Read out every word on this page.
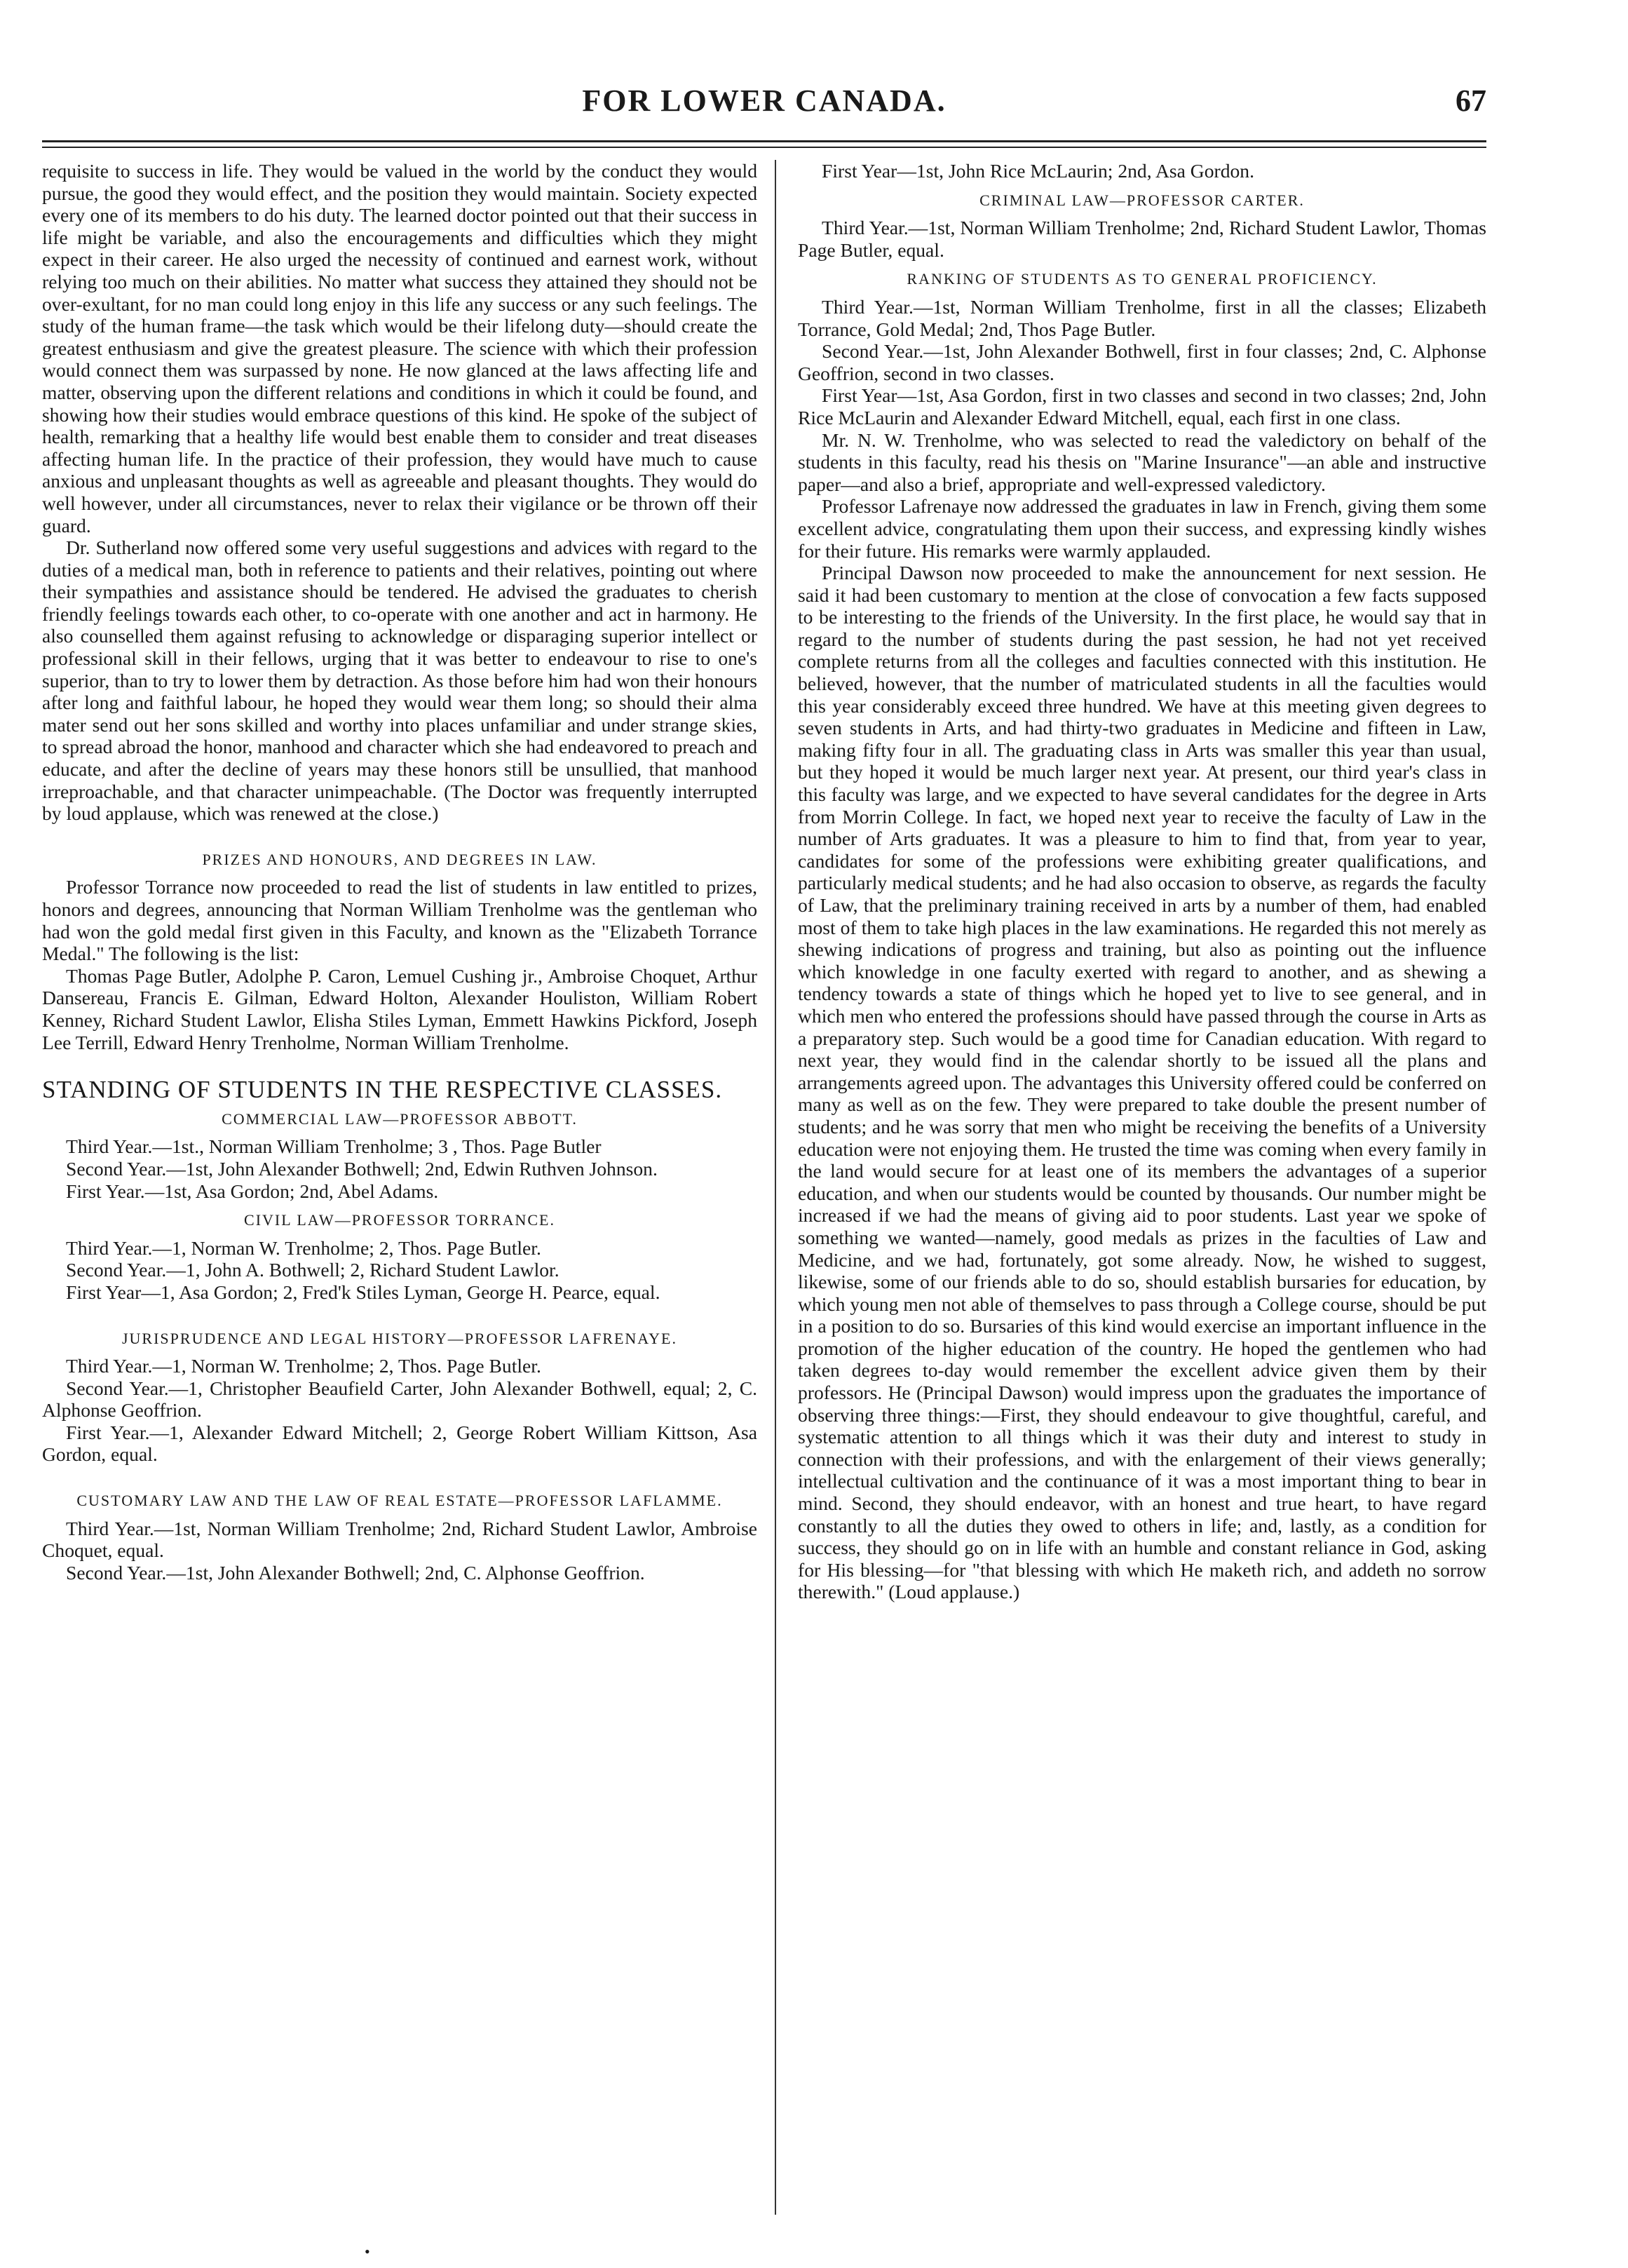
FOR LOWER CANADA.	67

requisite to success in life. They would be valued in the world by the conduct they would pursue, the good they would effect, and the position they would maintain. Society expected every one of its members to do his duty. The learned doctor pointed out that their success in life might be variable, and also the encouragements and difficulties which they might expect in their career. He also urged the necessity of continued and earnest work, without relying too much on their abilities. No matter what success they attained they should not be over-exultant, for no man could long enjoy in this life any success or any such feelings. The study of the human frame—the task which would be their lifelong duty—should create the greatest enthusiasm and give the greatest pleasure. The science with which their profession would connect them was surpassed by none. He now glanced at the laws affecting life and matter, observing upon the different relations and conditions in which it could be found, and showing how their studies would embrace questions of this kind. He spoke of the subject of health, remarking that a healthy life would best enable them to consider and treat diseases affecting human life. In the practice of their profession, they would have much to cause anxious and unpleasant thoughts as well as agreeable and pleasant thoughts. They would do well however, under all circumstances, never to relax their vigilance or be thrown off their guard.

Dr. Sutherland now offered some very useful suggestions and advices with regard to the duties of a medical man, both in reference to patients and their relatives, pointing out where their sympathies and assistance should be tendered. He advised the graduates to cherish friendly feelings towards each other, to co-operate with one another and act in harmony. He also counselled them against refusing to acknowledge or disparaging superior intellect or professional skill in their fellows, urging that it was better to endeavour to rise to one's superior, than to try to lower them by detraction. As those before him had won their honours after long and faithful labour, he hoped they would wear them long; so should their alma mater send out her sons skilled and worthy into places unfamiliar and under strange skies, to spread abroad the honor, manhood and character which she had endeavored to preach and educate, and after the decline of years may these honors still be unsullied, that manhood irreproachable, and that character unimpeachable. (The Doctor was frequently interrupted by loud applause, which was renewed at the close.)

PRIZES AND HONOURS, AND DEGREES IN LAW.

Professor Torrance now proceeded to read the list of students in law entitled to prizes, honors and degrees, announcing that Norman William Trenholme was the gentleman who had won the gold medal first given in this Faculty, and known as the "Elizabeth Torrance Medal." The following is the list:

Thomas Page Butler, Adolphe P. Caron, Lemuel Cushing jr., Ambroise Choquet, Arthur Dansereau, Francis E. Gilman, Edward Holton, Alexander Houliston, William Robert Kenney, Richard Student Lawlor, Elisha Stiles Lyman, Emmett Hawkins Pickford, Joseph Lee Terrill, Edward Henry Trenholme, Norman William Trenholme.

STANDING OF STUDENTS IN THE RESPECTIVE CLASSES.
COMMERCIAL LAW—PROFESSOR ABBOTT.

Third Year.—1st., Norman William Trenholme; 3 , Thos. Page Butler

Second Year.—1st, John Alexander Bothwell; 2nd, Edwin Ruthven Johnson.

First Year.—1st, Asa Gordon; 2nd, Abel Adams.

CIVIL LAW—PROFESSOR TORRANCE.

Third Year.—1, Norman W. Trenholme; 2, Thos. Page Butler.

Second Year.—1, John A. Bothwell; 2, Richard Student Lawlor.

First Year—1, Asa Gordon; 2, Fred'k Stiles Lyman, George H. Pearce, equal.

JURISPRUDENCE AND LEGAL HISTORY—PROFESSOR LAFRENAYE.

Third Year.—1, Norman W. Trenholme; 2, Thos. Page Butler.

Second Year.—1, Christopher Beaufield Carter, John Alexander Bothwell, equal; 2, C. Alphonse Geoffrion.

First Year.—1, Alexander Edward Mitchell; 2, George Robert William Kittson, Asa Gordon, equal.

CUSTOMARY LAW AND THE LAW OF REAL ESTATE—PROFESSOR LAFLAMME.

Third Year.—1st, Norman William Trenholme; 2nd, Richard Student Lawlor, Ambroise Choquet, equal.

Second Year.—1st, John Alexander Bothwell; 2nd, C. Alphonse Geoffrion.

First Year—1st, John Rice McLaurin; 2nd, Asa Gordon.

CRIMINAL LAW—PROFESSOR CARTER.

Third Year.—1st, Norman William Trenholme; 2nd, Richard Student Lawlor, Thomas Page Butler, equal.

RANKING OF STUDENTS AS TO GENERAL PROFICIENCY.

Third Year.—1st, Norman William Trenholme, first in all the classes; Elizabeth Torrance, Gold Medal; 2nd, Thos Page Butler.

Second Year.—1st, John Alexander Bothwell, first in four classes; 2nd, C. Alphonse Geoffrion, second in two classes.

First Year—1st, Asa Gordon, first in two classes and second in two classes; 2nd, John Rice McLaurin and Alexander Edward Mitchell, equal, each first in one class.

Mr. N. W. Trenholme, who was selected to read the valedictory on behalf of the students in this faculty, read his thesis on "Marine Insurance"—an able and instructive paper—and also a brief, appropriate and well-expressed valedictory.

Professor Lafrenaye now addressed the graduates in law in French, giving them some excellent advice, congratulating them upon their success, and expressing kindly wishes for their future. His remarks were warmly applauded.

Principal Dawson now proceeded to make the announcement for next session. He said it had been customary to mention at the close of convocation a few facts supposed to be interesting to the friends of the University. In the first place, he would say that in regard to the number of students during the past session, he had not yet received complete returns from all the colleges and faculties connected with this institution. He believed, however, that the number of matriculated students in all the faculties would this year considerably exceed three hundred. We have at this meeting given degrees to seven students in Arts, and had thirty-two graduates in Medicine and fifteen in Law, making fifty four in all. The graduating class in Arts was smaller this year than usual, but they hoped it would be much larger next year. At present, our third year's class in this faculty was large, and we expected to have several candidates for the degree in Arts from Morrin College. In fact, we hoped next year to receive the faculty of Law in the number of Arts graduates. It was a pleasure to him to find that, from year to year, candidates for some of the professions were exhibiting greater qualifications, and particularly medical students; and he had also occasion to observe, as regards the faculty of Law, that the preliminary training received in arts by a number of them, had enabled most of them to take high places in the law examinations. He regarded this not merely as shewing indications of progress and training, but also as pointing out the influence which knowledge in one faculty exerted with regard to another, and as shewing a tendency towards a state of things which he hoped yet to live to see general, and in which men who entered the professions should have passed through the course in Arts as a preparatory step. Such would be a good time for Canadian education. With regard to next year, they would find in the calendar shortly to be issued all the plans and arrangements agreed upon. The advantages this University offered could be conferred on many as well as on the few. They were prepared to take double the present number of students; and he was sorry that men who might be receiving the benefits of a University education were not enjoying them. He trusted the time was coming when every family in the land would secure for at least one of its members the advantages of a superior education, and when our students would be counted by thousands. Our number might be increased if we had the means of giving aid to poor students. Last year we spoke of something we wanted—namely, good medals as prizes in the faculties of Law and Medicine, and we had, fortunately, got some already. Now, he wished to suggest, likewise, some of our friends able to do so, should establish bursaries for education, by which young men not able of themselves to pass through a College course, should be put in a position to do so. Bursaries of this kind would exercise an important influence in the promotion of the higher education of the country. He hoped the gentlemen who had taken degrees to-day would remember the excellent advice given them by their professors. He (Principal Dawson) would impress upon the graduates the importance of observing three things:—First, they should endeavour to give thoughtful, careful, and systematic attention to all things which it was their duty and interest to study in connection with their professions, and with the enlargement of their views generally; intellectual cultivation and the continuance of it was a most important thing to bear in mind. Second, they should endeavor, with an honest and true heart, to have regard constantly to all the duties they owed to others in life; and, lastly, as a condition for success, they should go on in life with an humble and constant reliance in God, asking for His blessing—for "that blessing with which He maketh rich, and addeth no sorrow therewith." (Loud applause.)

•
